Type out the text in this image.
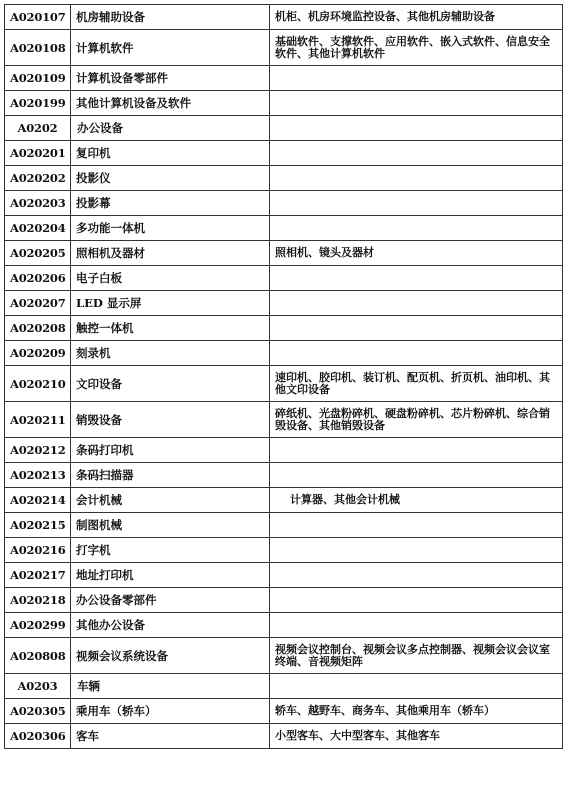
A020107	机房辅助设备	机柜、机房环境监控设备、其他机房辅助设备
A020108	计算机软件	基础软件、支撑软件、应用软件、嵌入式软件、信息安全软件、其他计算机软件
A020109	计算机设备零部件	
A020199	其他计算机设备及软件	
A0202	办公设备	
A020201	复印机	
A020202	投影仪	
A020203	投影幕	
A020204	多功能一体机	
A020205	照相机及器材	照相机、镜头及器材
A020206	电子白板	
A020207	LED 显示屏	
A020208	触控一体机	
A020209	刻录机	
A020210	文印设备	速印机、胶印机、装订机、配页机、折页机、油印机、其他文印设备
A020211	销毁设备	碎纸机、光盘粉碎机、硬盘粉碎机、芯片粉碎机、综合销毁设备、其他销毁设备
A020212	条码打印机	
A020213	条码扫描器	
A020214	会计机械	计算器、其他会计机械
A020215	制图机械	
A020216	打字机	
A020217	地址打印机	
A020218	办公设备零部件	
A020299	其他办公设备	
A020808	视频会议系统设备	视频会议控制台、视频会议多点控制器、视频会议会议室终端、音视频矩阵
A0203	车辆	
A020305	乘用车（轿车）	轿车、越野车、商务车、其他乘用车（轿车）
A020306	客车	小型客车、大中型客车、其他客车
